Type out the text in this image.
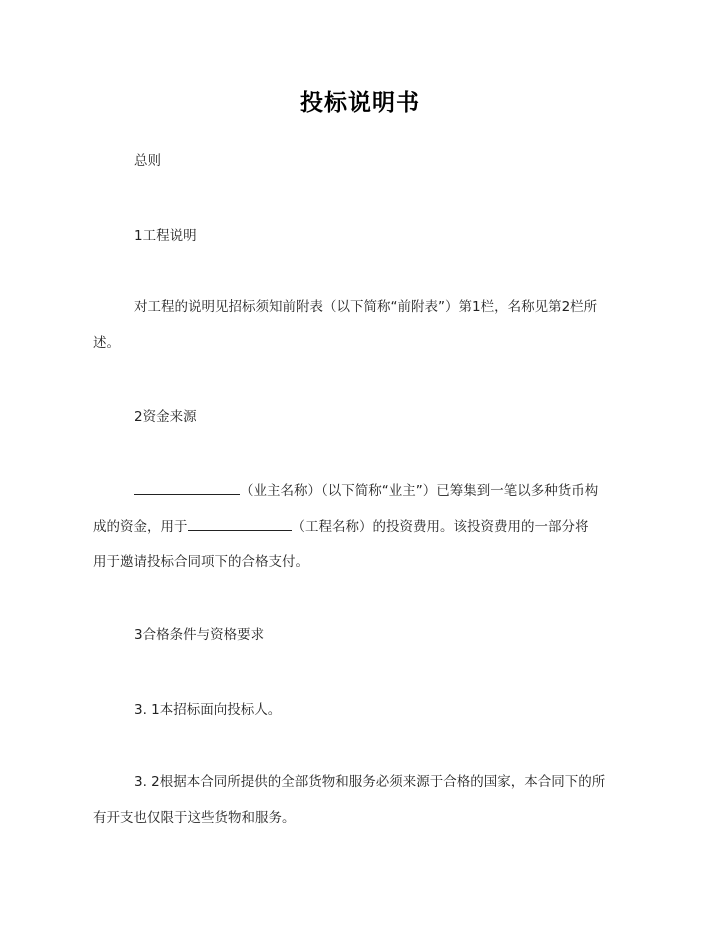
投标说明书
总则
1工程说明
对工程的说明见招标须知前附表（以下简称“前附表”）第1栏，名称见第2栏所
述。
2资金来源
（业主名称）（以下简称“业主”）已筹集到一笔以多种货币构
成的资金，用于	（工程名称）的投资费用。该投资费用的一部分将
用于邀请投标合同项下的合格支付。
3合格条件与资格要求
3. 1本招标面向投标人。
3. 2根据本合同所提供的全部货物和服务必须来源于合格的国家，本合同下的所
有开支也仅限于这些货物和服务。
